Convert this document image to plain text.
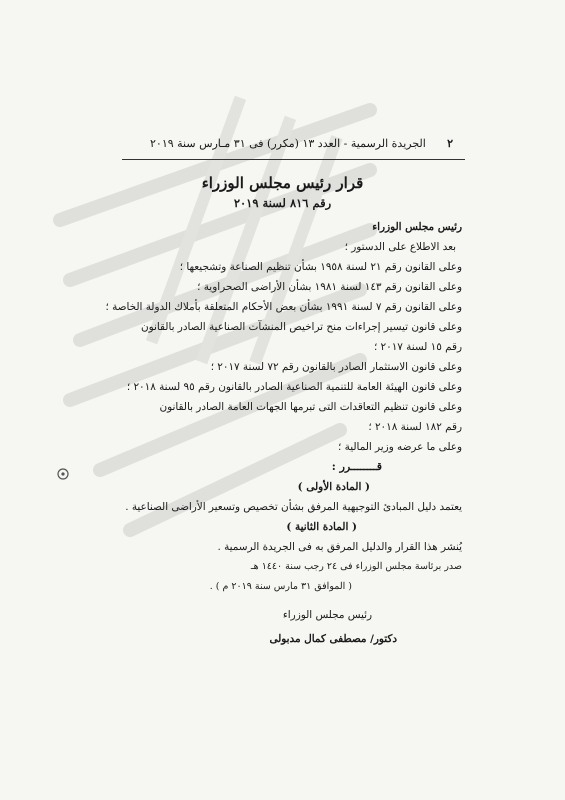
٢
الجريدة الرسمية - العدد ١٣ (مكرر) فى ٣١ مـارس سنة ٢٠١٩
قرار رئيس مجلس الوزراء
رقم ٨١٦ لسنة ٢٠١٩
رئيس مجلس الوزراء
بعد الاطلاع على الدستور ؛
وعلى القانون رقم ٢١ لسنة ١٩٥٨ بشأن تنظيم الصناعة وتشجيعها ؛
وعلى القانون رقم ١٤٣ لسنة ١٩٨١ بشأن الأراضى الصحراوية ؛
وعلى القانون رقم ٧ لسنة ١٩٩١ بشأن بعض الأحكام المتعلقة بأملاك الدولة الخاصة ؛
وعلى قانون تيسير إجراءات منح تراخيص المنشآت الصناعية الصادر بالقانون
رقم ١٥ لسنة ٢٠١٧ ؛
وعلى قانون الاستثمار الصادر بالقانون رقم ٧٢ لسنة ٢٠١٧ ؛
وعلى قانون الهيئة العامة للتنمية الصناعية الصادر بالقانون رقم ٩٥ لسنة ٢٠١٨ ؛
وعلى قانون تنظيم التعاقدات التى تبرمها الجهات العامة الصادر بالقانون
رقم ١٨٢ لسنة ٢٠١٨ ؛
وعلى ما عرضه وزير المالية ؛
قــــــــرر :
( المادة الأولى )
يعتمد دليل المبادئ التوجيهية المرفق بشأن تخصيص وتسعير الأراضى الصناعية .
( المادة الثانية )
يُنشر هذا القرار والدليل المرفق به فى الجريدة الرسمية .
صدر برئاسة مجلس الوزراء فى ٢٤ رجب سنة ١٤٤٠ هـ
( الموافق ٣١ مارس سنة ٢٠١٩ م ) .
رئيس مجلس الوزراء
دكتور/ مصطفى كمال مدبولى
